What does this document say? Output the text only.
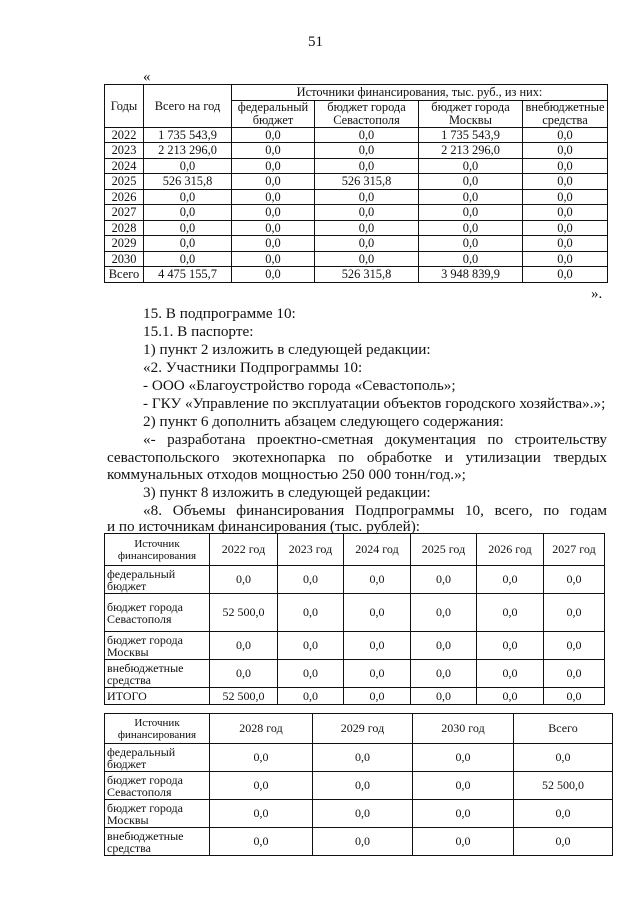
51
«
Годы	Всего на год	Источники финансирования, тыс. руб., из них:			
		федеральный бюджет	бюджет города Севастополя	бюджет города Москвы	внебюджетные средства
2022	1 735 543,9	0,0	0,0	1 735 543,9	0,0
2023	2 213 296,0	0,0	0,0	2 213 296,0	0,0
2024	0,0	0,0	0,0	0,0	0,0
2025	526 315,8	0,0	526 315,8	0,0	0,0
2026	0,0	0,0	0,0	0,0	0,0
2027	0,0	0,0	0,0	0,0	0,0
2028	0,0	0,0	0,0	0,0	0,0
2029	0,0	0,0	0,0	0,0	0,0
2030	0,0	0,0	0,0	0,0	0,0
Всего	4 475 155,7	0,0	526 315,8	3 948 839,9	0,0
».
15. В подпрограмме 10:
15.1. В паспорте:
1) пункт 2 изложить в следующей редакции:
«2. Участники Подпрограммы 10:
- ООО «Благоустройство города «Севастополь»;
- ГКУ «Управление по эксплуатации объектов городского хозяйства».»;
2) пункт 6 дополнить абзацем следующего содержания:
«- разработана проектно-сметная документация по строительству
севастопольского экотехнопарка по обработке и утилизации твердых
коммунальных отходов мощностью 250 000 тонн/год.»;
3) пункт 8 изложить в следующей редакции:
«8. Объемы финансирования Подпрограммы 10, всего, по годам
и по источникам финансирования (тыс. рублей):
Источник финансирования	2022 год	2023 год	2024 год	2025 год	2026 год	2027 год
федеральный бюджет	0,0	0,0	0,0	0,0	0,0	0,0
бюджет города Севастополя	52 500,0	0,0	0,0	0,0	0,0	0,0
бюджет города Москвы	0,0	0,0	0,0	0,0	0,0	0,0
внебюджетные средства	0,0	0,0	0,0	0,0	0,0	0,0
ИТОГО	52 500,0	0,0	0,0	0,0	0,0	0,0
Источник финансирования	2028 год	2029 год	2030 год	Всего
федеральный бюджет	0,0	0,0	0,0	0,0
бюджет города Севастополя	0,0	0,0	0,0	52 500,0
бюджет города Москвы	0,0	0,0	0,0	0,0
внебюджетные средства	0,0	0,0	0,0	0,0
